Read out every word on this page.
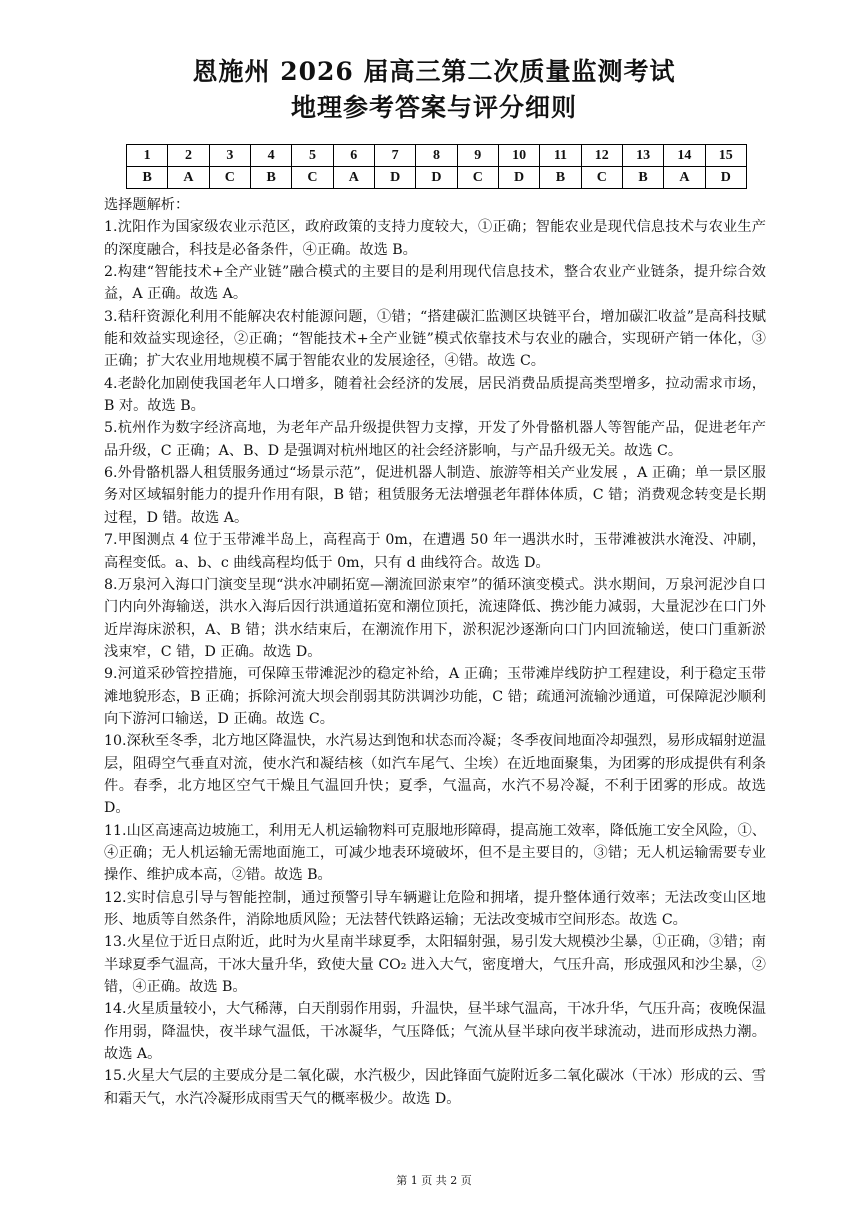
恩施州 2026 届高三第二次质量监测考试
地理参考答案与评分细则
1	2	3	4	5	6	7	8	9	10	11	12	13	14	15
B	A	C	B	C	A	D	D	C	D	B	C	B	A	D

选择题解析：

1.沈阳作为国家级农业示范区，政府政策的支持力度较大，①正确；智能农业是现代信息技术与农业生产的深度融合，科技是必备条件，④正确。故选 B。

2.构建“智能技术+全产业链”融合模式的主要目的是利用现代信息技术，整合农业产业链条，提升综合效益，A 正确。故选 A。

3.秸秆资源化利用不能解决农村能源问题，①错；“搭建碳汇监测区块链平台，增加碳汇收益”是高科技赋能和效益实现途径，②正确；“智能技术+全产业链”模式依靠技术与农业的融合，实现研产销一体化，③正确；扩大农业用地规模不属于智能农业的发展途径，④错。故选 C。

4.老龄化加剧使我国老年人口增多，随着社会经济的发展，居民消费品质提高类型增多，拉动需求市场，B 对。故选 B。

5.杭州作为数字经济高地，为老年产品升级提供智力支撑，开发了外骨骼机器人等智能产品，促进老年产品升级，C 正确；A、B、D 是强调对杭州地区的社会经济影响，与产品升级无关。故选 C。

6.外骨骼机器人租赁服务通过“场景示范”，促进机器人制造、旅游等相关产业发展 ，A 正确；单一景区服务对区域辐射能力的提升作用有限，B 错；租赁服务无法增强老年群体体质，C 错；消费观念转变是长期过程，D 错。故选 A。

7.甲图测点 4 位于玉带滩半岛上，高程高于 0m，在遭遇 50 年一遇洪水时，玉带滩被洪水淹没、冲刷，高程变低。a、b、c 曲线高程均低于 0m，只有 d 曲线符合。故选 D。

8.万泉河入海口门演变呈现“洪水冲刷拓宽—潮流回淤束窄”的循环演变模式。洪水期间，万泉河泥沙自口门内向外海输送，洪水入海后因行洪通道拓宽和潮位顶托，流速降低、携沙能力减弱，大量泥沙在口门外近岸海床淤积，A、B 错；洪水结束后，在潮流作用下，淤积泥沙逐渐向口门内回流输送，使口门重新淤浅束窄，C 错，D 正确。故选 D。

9.河道采砂管控措施，可保障玉带滩泥沙的稳定补给，A 正确；玉带滩岸线防护工程建设，利于稳定玉带滩地貌形态，B 正确；拆除河流大坝会削弱其防洪调沙功能，C 错；疏通河流输沙通道，可保障泥沙顺利向下游河口输送，D 正确。故选 C。

10.深秋至冬季，北方地区降温快，水汽易达到饱和状态而冷凝；冬季夜间地面冷却强烈，易形成辐射逆温层，阻碍空气垂直对流，使水汽和凝结核（如汽车尾气、尘埃）在近地面聚集，为团雾的形成提供有利条件。春季，北方地区空气干燥且气温回升快；夏季，气温高，水汽不易冷凝，不利于团雾的形成。故选 D。

11.山区高速高边坡施工，利用无人机运输物料可克服地形障碍，提高施工效率，降低施工安全风险，①、④正确；无人机运输无需地面施工，可减少地表环境破坏，但不是主要目的，③错；无人机运输需要专业操作、维护成本高，②错。故选 B。

12.实时信息引导与智能控制，通过预警引导车辆避让危险和拥堵，提升整体通行效率；无法改变山区地形、地质等自然条件，消除地质风险；无法替代铁路运输；无法改变城市空间形态。故选 C。

13.火星位于近日点附近，此时为火星南半球夏季，太阳辐射强，易引发大规模沙尘暴，①正确，③错；南半球夏季气温高，干冰大量升华，致使大量 CO₂ 进入大气，密度增大，气压升高，形成强风和沙尘暴，②错，④正确。故选 B。

14.火星质量较小，大气稀薄，白天削弱作用弱，升温快，昼半球气温高，干冰升华，气压升高；夜晚保温作用弱，降温快，夜半球气温低，干冰凝华，气压降低；气流从昼半球向夜半球流动，进而形成热力潮。故选 A。

15.火星大气层的主要成分是二氧化碳，水汽极少，因此锋面气旋附近多二氧化碳冰（干冰）形成的云、雪和霜天气，水汽冷凝形成雨雪天气的概率极少。故选 D。

第 1 页 共 2 页
